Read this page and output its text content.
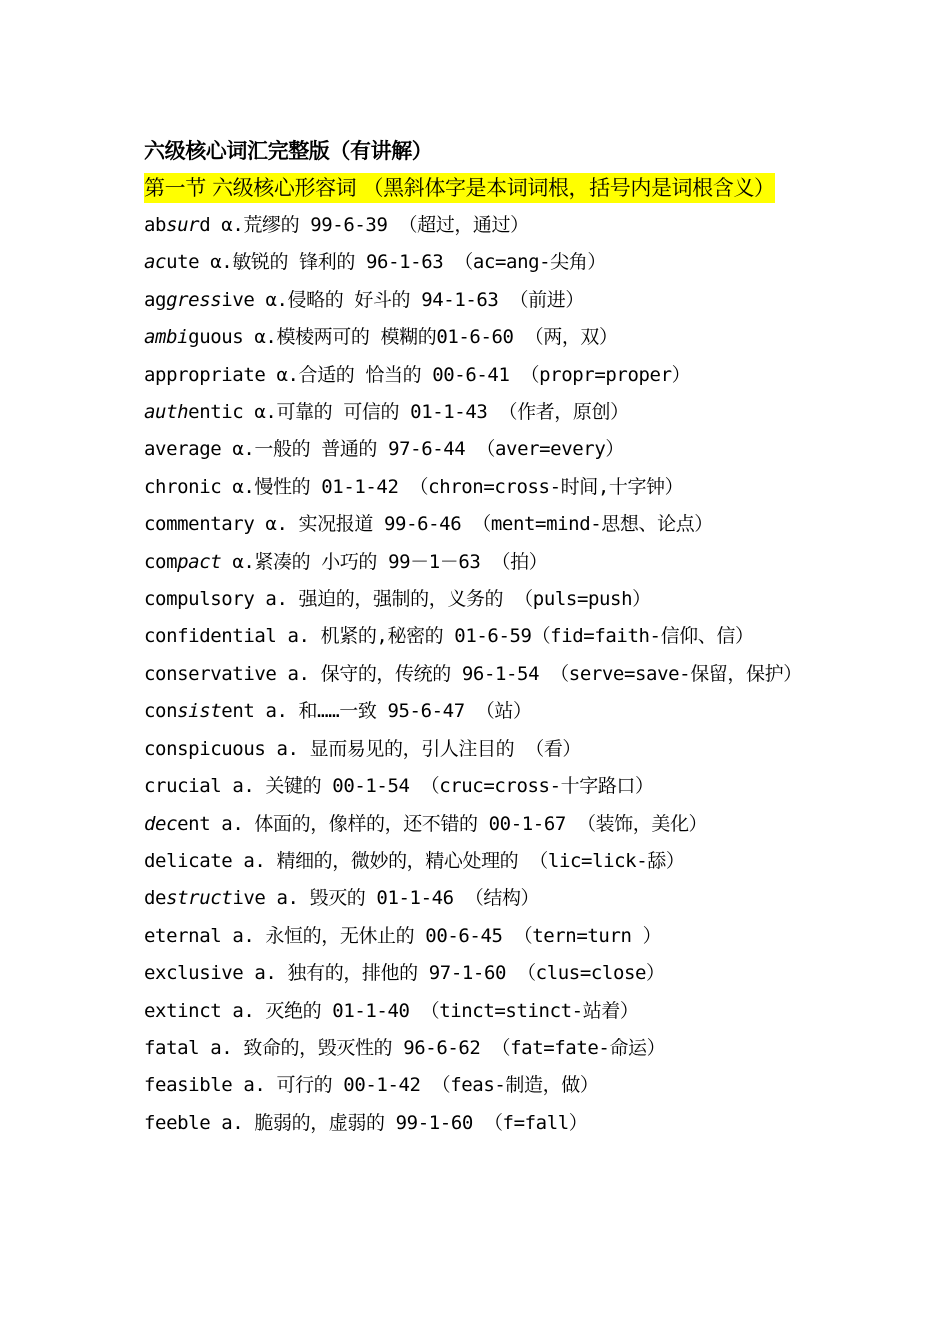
六级核心词汇完整版（有讲解）
第一节 六级核心形容词 （黑斜体字是本词词根，括号内是词根含义）
absurd α.荒缪的 99-6-39 （超过，通过）
acute α.敏锐的 锋利的 96-1-63 （ac=ang-尖角）
aggressive α.侵略的 好斗的 94-1-63 （前进）
ambiguous α.模棱两可的 模糊的01-6-60 （两，双）
appropriate α.合适的 恰当的 00-6-41 （propr=proper）
authentic α.可靠的 可信的 01-1-43 （作者，原创）
average α.一般的 普通的 97-6-44 （aver=every）
chronic α.慢性的 01-1-42 （chron=cross-时间,十字钟）
commentary α. 实况报道 99-6-46 （ment=mind-思想、论点）
compact α.紧凑的 小巧的 99－1－63 （拍）
compulsory a. 强迫的，强制的，义务的 （puls=push）
confidential a. 机紧的,秘密的 01-6-59（fid=faith-信仰、信）
conservative a. 保守的，传统的 96-1-54 （serve=save-保留，保护）
consistent a. 和……一致 95-6-47 （站）
conspicuous a. 显而易见的，引人注目的 （看）
crucial a. 关键的 00-1-54 （cruc=cross-十字路口）
decent a. 体面的，像样的，还不错的 00-1-67 （装饰，美化）
delicate a. 精细的，微妙的，精心处理的 （lic=lick-舔）
destructive a. 毁灭的 01-1-46 （结构）
eternal a. 永恒的，无休止的 00-6-45 （tern=turn ）
exclusive a. 独有的，排他的 97-1-60 （clus=close）
extinct a. 灭绝的 01-1-40 （tinct=stinct-站着）
fatal a. 致命的，毁灭性的 96-6-62 （fat=fate-命运）
feasible a. 可行的 00-1-42 （feas-制造，做）
feeble a. 脆弱的，虚弱的 99-1-60 （f=fall）
